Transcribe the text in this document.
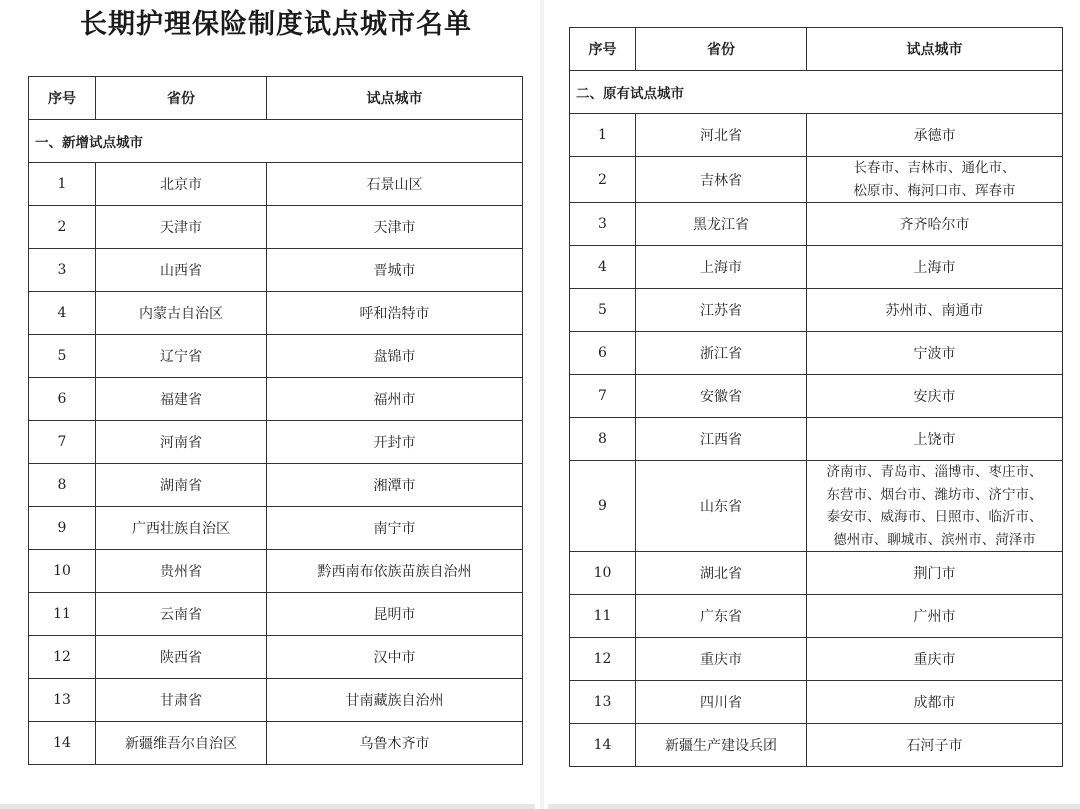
长期护理保险制度试点城市名单
序号	省份	试点城市
一、新增试点城市		
1	北京市	石景山区

2	天津市	天津市

3	山西省	晋城市

4	内蒙古自治区	呼和浩特市

5	辽宁省	盘锦市

6	福建省	福州市

7	河南省	开封市

8	湖南省	湘潭市

9	广西壮族自治区	南宁市

10	贵州省	黔西南布依族苗族自治州

11	云南省	昆明市

12	陕西省	汉中市

13	甘肃省	甘南藏族自治州

14	新疆维吾尔自治区	乌鲁木齐市
序号	省份	试点城市
二、原有试点城市		
1	河北省	承德市

2	吉林省	长春市、吉林市、通化市、
松原市、梅河口市、珲春市

3	黑龙江省	齐齐哈尔市

4	上海市	上海市

5	江苏省	苏州市、南通市

6	浙江省	宁波市

7	安徽省	安庆市

8	江西省	上饶市

9	山东省	济南市、青岛市、淄博市、枣庄市、
东营市、烟台市、潍坊市、济宁市、
泰安市、威海市、日照市、临沂市、
德州市、聊城市、滨州市、菏泽市

10	湖北省	荆门市

11	广东省	广州市

12	重庆市	重庆市

13	四川省	成都市

14	新疆生产建设兵团	石河子市
